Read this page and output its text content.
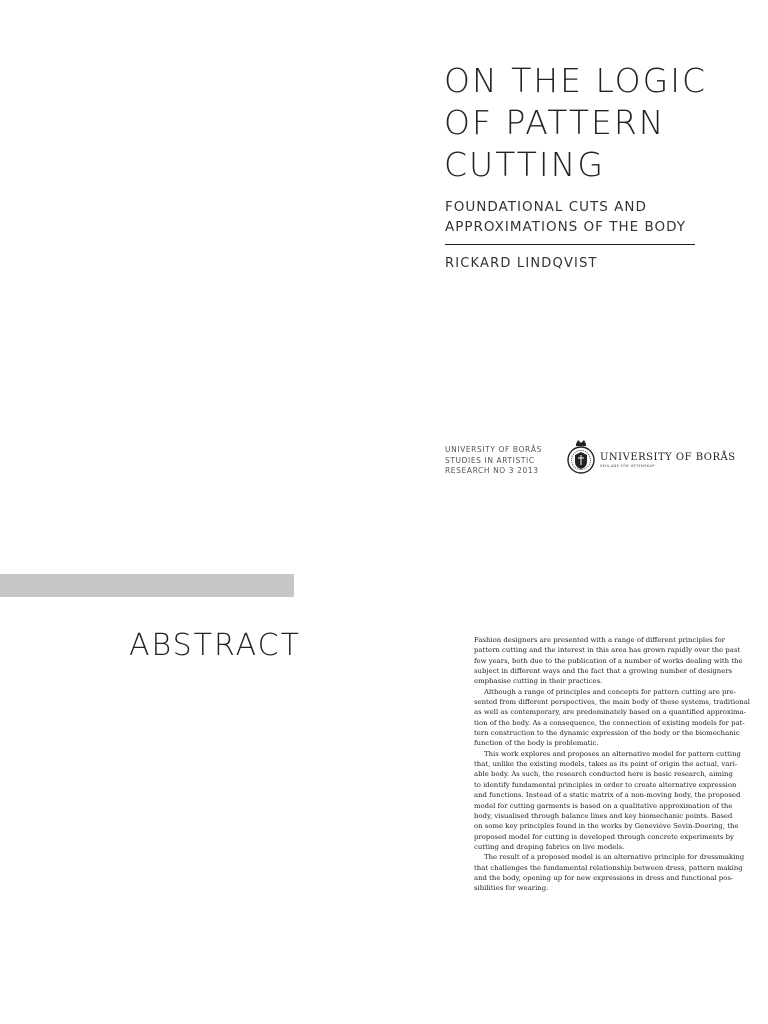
ON THE LOGIC
OF PATTERN
CUTTING
FOUNDATIONAL CUTS AND
APPROXIMATIONS OF THE BODY
RICKARD LINDQVIST
UNIVERSITY OF BORÅS
STUDIES IN ARTISTIC
RESEARCH NO 3 2013
UNIVERSITY OF BORÅS
SKOLANS FÖR VETENSKAP
ABSTRACT	Fashion designers are presented with a range of different principles for
pattern cutting and the interest in this area has grown rapidly over the past
few years, both due to the publication of a number of works dealing with the
subject in different ways and the fact that a growing number of designers
emphasise cutting in their practices.
Although a range of principles and concepts for pattern cutting are pre-
sented from different perspectives, the main body of these systems, traditional
as well as contemporary, are predominately based on a quantified approxima-
tion of the body. As a consequence, the connection of existing models for pat-
tern construction to the dynamic expression of the body or the biomechanic
function of the body is problematic.
This work explores and proposes an alternative model for pattern cutting
that, unlike the existing models, takes as its point of origin the actual, vari-
able body. As such, the research conducted here is basic research, aiming
to identify fundamental principles in order to create alternative expression
and functions. Instead of a static matrix of a non-moving body, the proposed
model for cutting garments is based on a qualitative approximation of the
body, visualised through balance lines and key biomechanic points. Based
on some key principles found in the works by Geneviève Sevin-Doering, the
proposed model for cutting is developed through concrete experiments by
cutting and draping fabrics on live models.
The result of a proposed model is an alternative principle for dressmaking
that challenges the fundamental relationship between dress, pattern making
and the body, opening up for new expressions in dress and functional pos-
sibilities for wearing.
